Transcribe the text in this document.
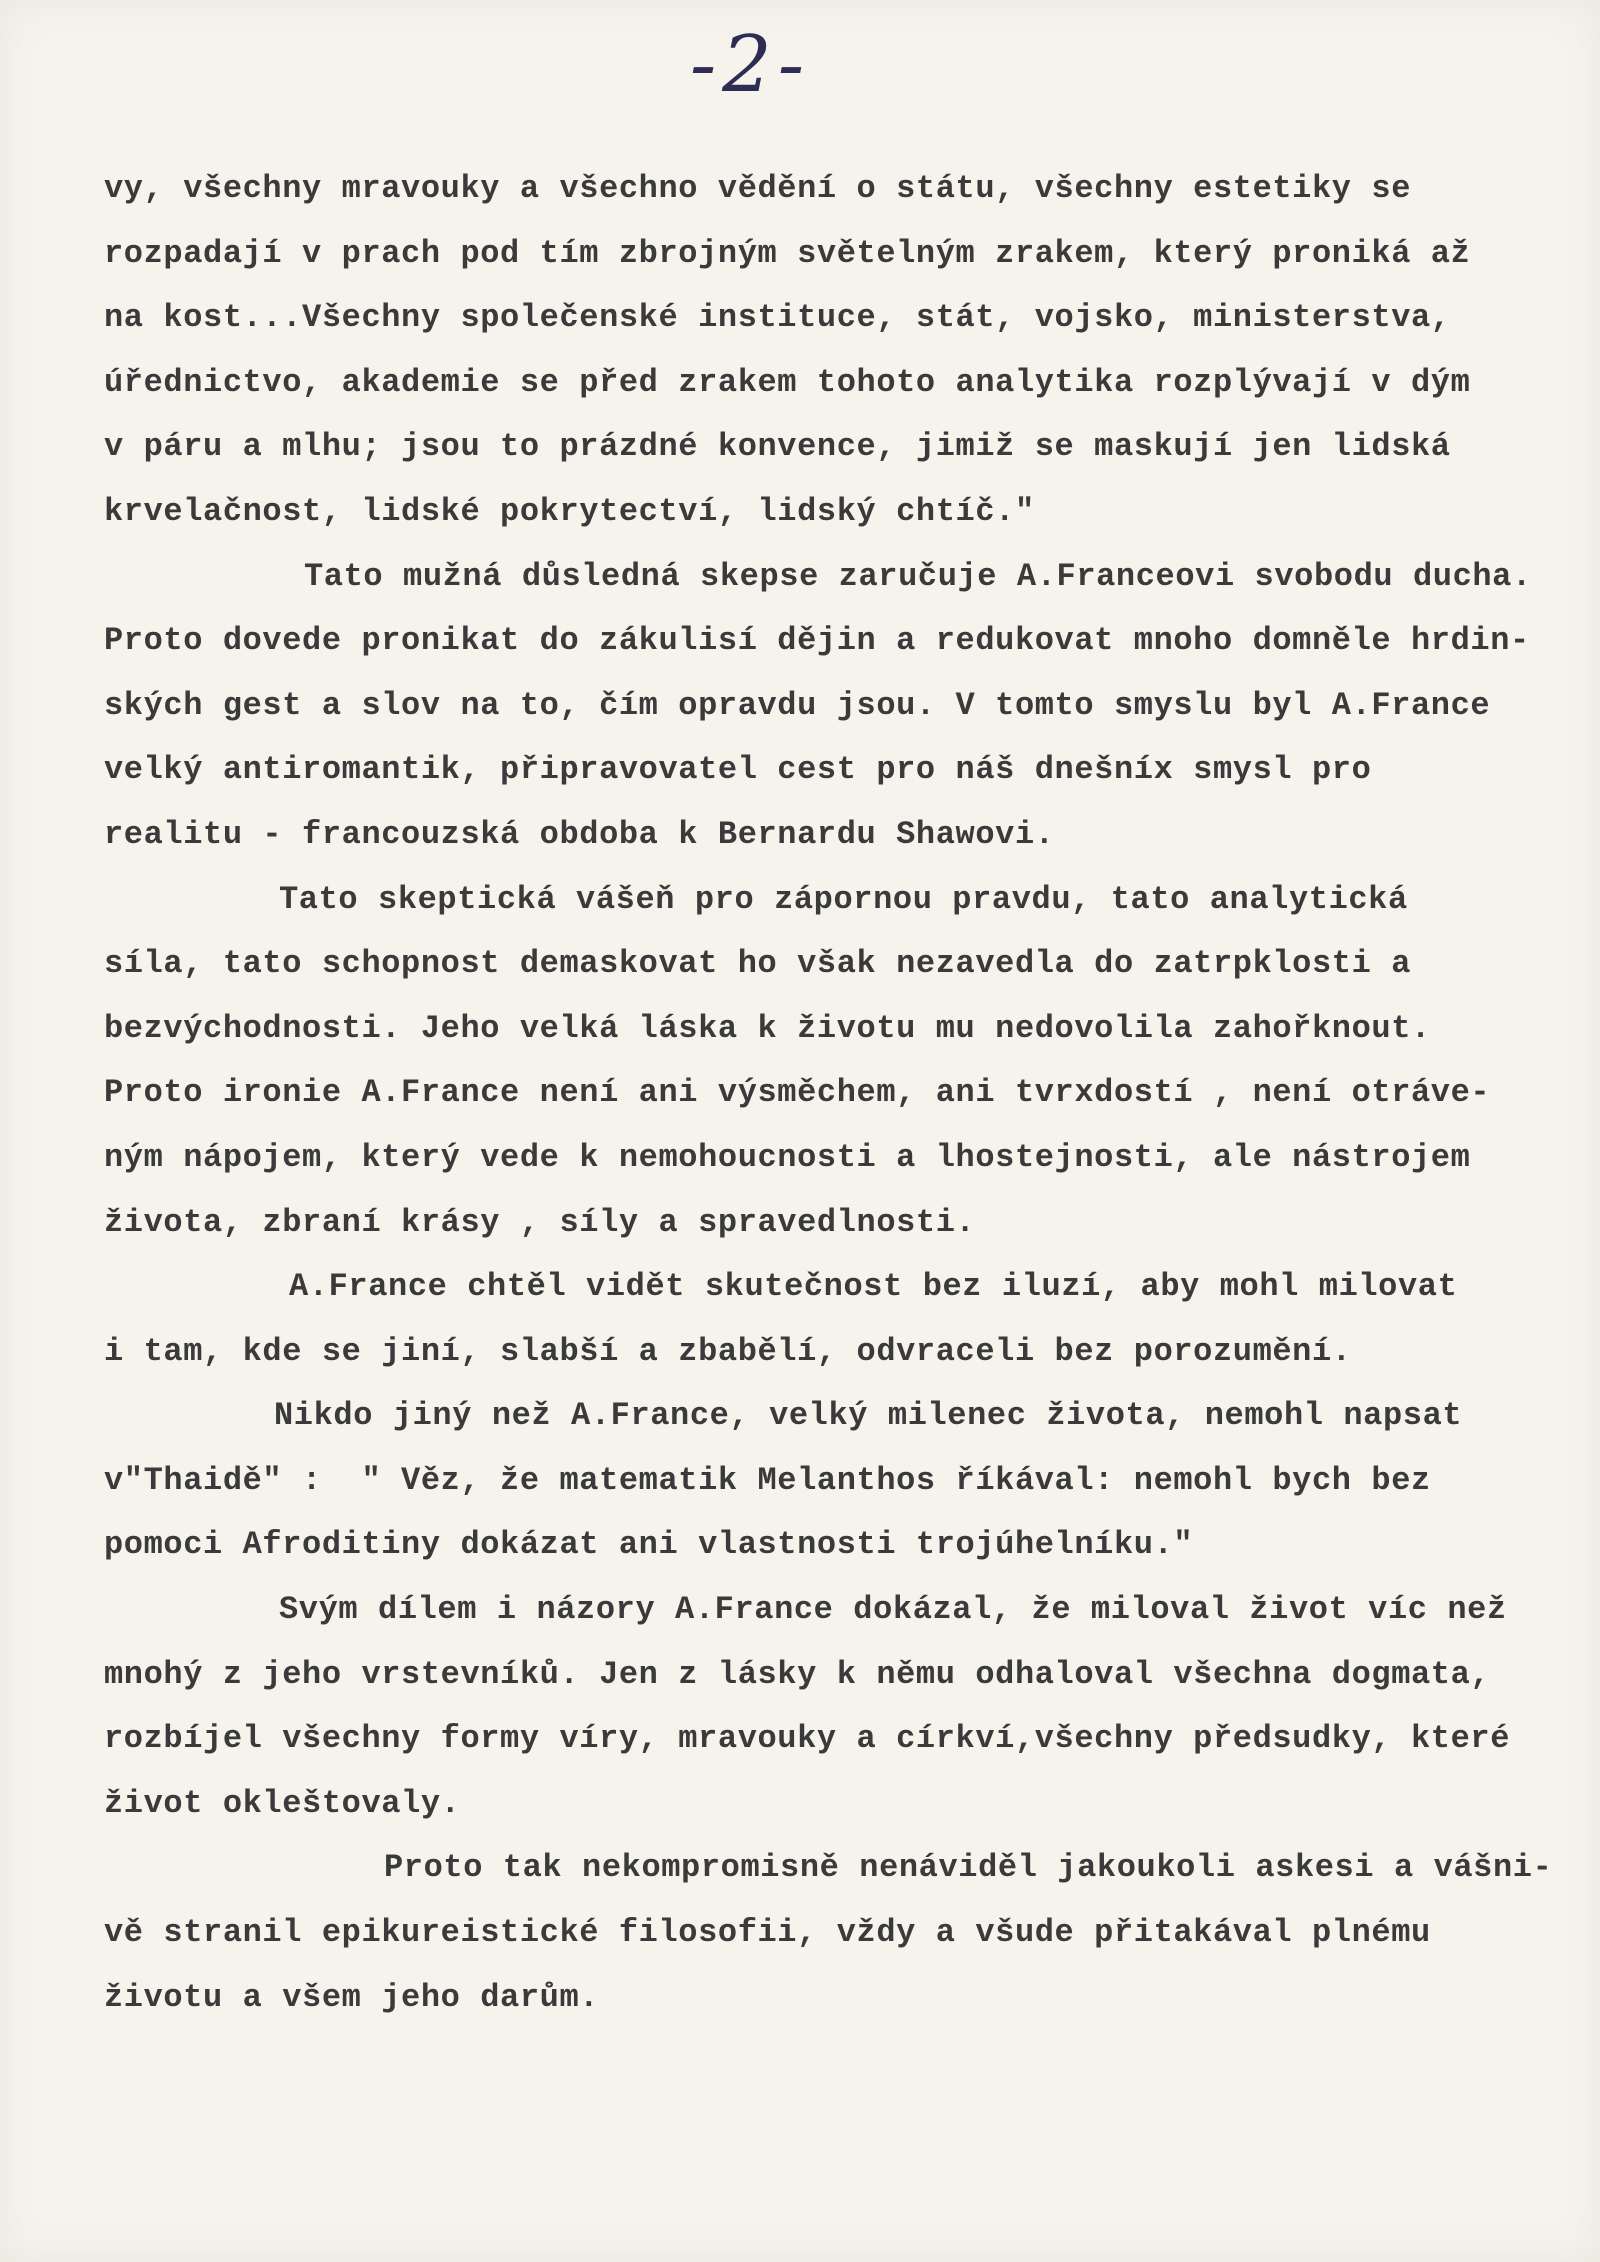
-2-
vy, všechny mravouky a všechno vědění o státu, všechny estetiky se
rozpadají v prach pod tím zbrojným světelným zrakem, který proniká až
na kost...Všechny společenské instituce, stát, vojsko, ministerstva,
úřednictvo, akademie se před zrakem tohoto analytika rozplývají v dým
v páru a mlhu; jsou to prázdné konvence, jimiž se maskují jen lidská
krvelačnost, lidské pokrytectví, lidský chtíč."
Tato mužná důsledná skepse zaručuje A.Franceovi svobodu ducha.
Proto dovede pronikat do zákulisí dějin a redukovat mnoho domněle hrdin-
ských gest a slov na to, čím opravdu jsou. V tomto smyslu byl A.France
velký antiromantik, připravovatel cest pro náš dnešníx smysl pro
realitu - francouzská obdoba k Bernardu Shawovi.
Tato skeptická vášeň pro zápornou pravdu, tato analytická
síla, tato schopnost demaskovat ho však nezavedla do zatrpklosti a
bezvýchodnosti. Jeho velká láska k životu mu nedovolila zahořknout.
Proto ironie A.France není ani výsměchem, ani tvrxdostí , není otráve-
ným nápojem, který vede k nemohoucnosti a lhostejnosti, ale nástrojem
života, zbraní krásy , síly a spravedlnosti.
A.France chtěl vidět skutečnost bez iluzí, aby mohl milovat
i tam, kde se jiní, slabší a zbabělí, odvraceli bez porozumění.
Nikdo jiný než A.France, velký milenec života, nemohl napsat
v"Thaidě" :  " Věz, že matematik Melanthos říkával: nemohl bych bez
pomoci Afroditiny dokázat ani vlastnosti trojúhelníku."
Svým dílem i názory A.France dokázal, že miloval život víc než
mnohý z jeho vrstevníků. Jen z lásky k němu odhaloval všechna dogmata,
rozbíjel všechny formy víry, mravouky a církví,všechny předsudky, které
život okleštovaly.
Proto tak nekompromisně nenáviděl jakoukoli askesi a vášni-
vě stranil epikureistické filosofii, vždy a všude přitakával plnému
životu a všem jeho darům.
